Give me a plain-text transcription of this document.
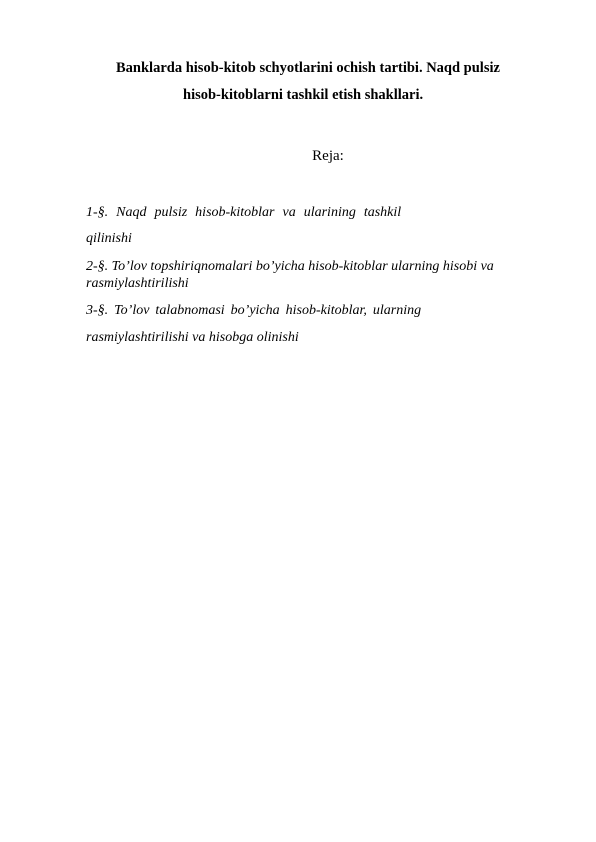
Banklarda hisob-kitob schyotlarini ochish tartibi. Naqd pulsiz
hisob-kitoblarni tashkil etish shakllari.
Reja:
1-§. Naqd pulsiz hisob-kitoblar va ularining tashkil
qilinishi
2-§. To’lov topshiriqnomalari bo’yicha hisob-kitoblar ularning hisobi va
rasmiylashtirilishi
3-§. To’lov talabnomasi bo’yicha hisob-kitoblar, ularning
rasmiylashtirilishi va hisobga olinishi
